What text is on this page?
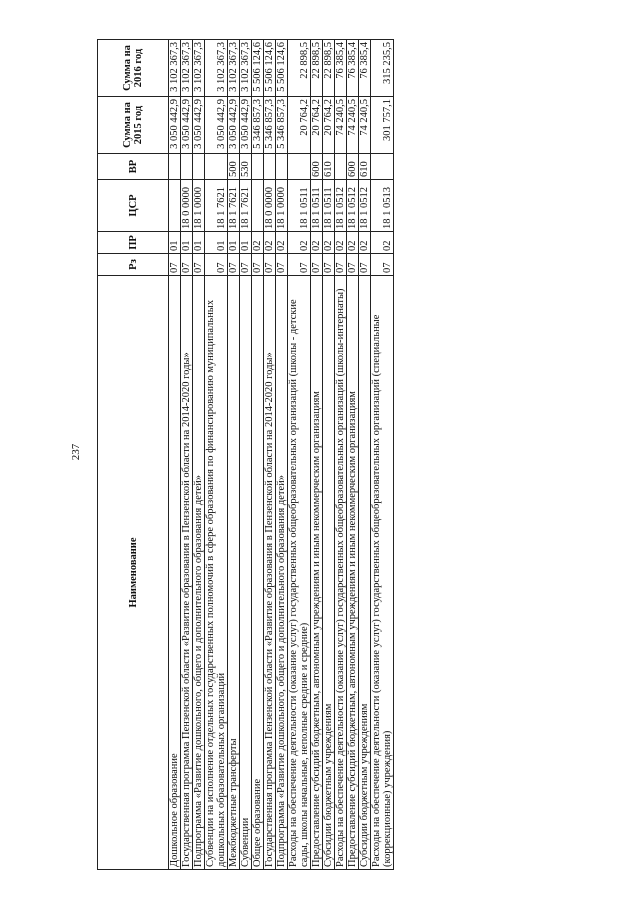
237
Наименование	Рз	ПР	ЦСР	ВР	Сумма на 2015 год	Сумма на 2016 год
Дошкольное образование	07	01			3 050 442,9	3 102 367,3
Государственная программа Пензенской области «Развитие образования в Пензенской области на 2014-2020 годы»	07	01	18 0 0000		3 050 442,9	3 102 367,3
Подпрограмма «Развитие дошкольного, общего и дополнительного образования детей»	07	01	18 1 0000		3 050 442,9	3 102 367,3
Субвенции на исполнение отдельных государственных полномочий в сфере образования по финансированию муниципальных дошкольных образовательных организаций	07	01	18 1 7621		3 050 442,9	3 102 367,3
Межбюджетные трансферты	07	01	18 1 7621	500	3 050 442,9	3 102 367,3
Субвенции	07	01	18 1 7621	530	3 050 442,9	3 102 367,3
Общее образование	07	02			5 346 857,3	5 506 124,6
Государственная программа Пензенской области «Развитие образования в Пензенской области на 2014-2020 годы»	07	02	18 0 0000		5 346 857,3	5 506 124,6
Подпрограмма «Развитие дошкольного, общего и дополнительного образования детей»	07	02	18 1 0000		5 346 857,3	5 506 124,6
Расходы на обеспечение деятельности (оказание услуг) государственных общеобразовательных организаций (школы - детские сады, школы начальные, неполные средние и средние)	07	02	18 1 0511		20 764,2	22 898,5
Предоставление субсидий бюджетным, автономным учреждениям и иным некоммерческим организациям	07	02	18 1 0511	600	20 764,2	22 898,5
Субсидии бюджетным учреждениям	07	02	18 1 0511	610	20 764,2	22 898,5
Расходы на обеспечение деятельности (оказание услуг) государственных общеобразовательных организаций (школы-интернаты)	07	02	18 1 0512		74 240,5	76 385,4
Предоставление субсидий бюджетным, автономным учреждениям и иным некоммерческим организациям	07	02	18 1 0512	600	74 240,5	76 385,4
Субсидии бюджетным учреждениям	07	02	18 1 0512	610	74 240,5	76 385,4
Расходы на обеспечение деятельности (оказание услуг) государственных общеобразовательных организаций (специальные (коррекционные) учреждения)	07	02	18 1 0513		301 757,1	315 235,5
